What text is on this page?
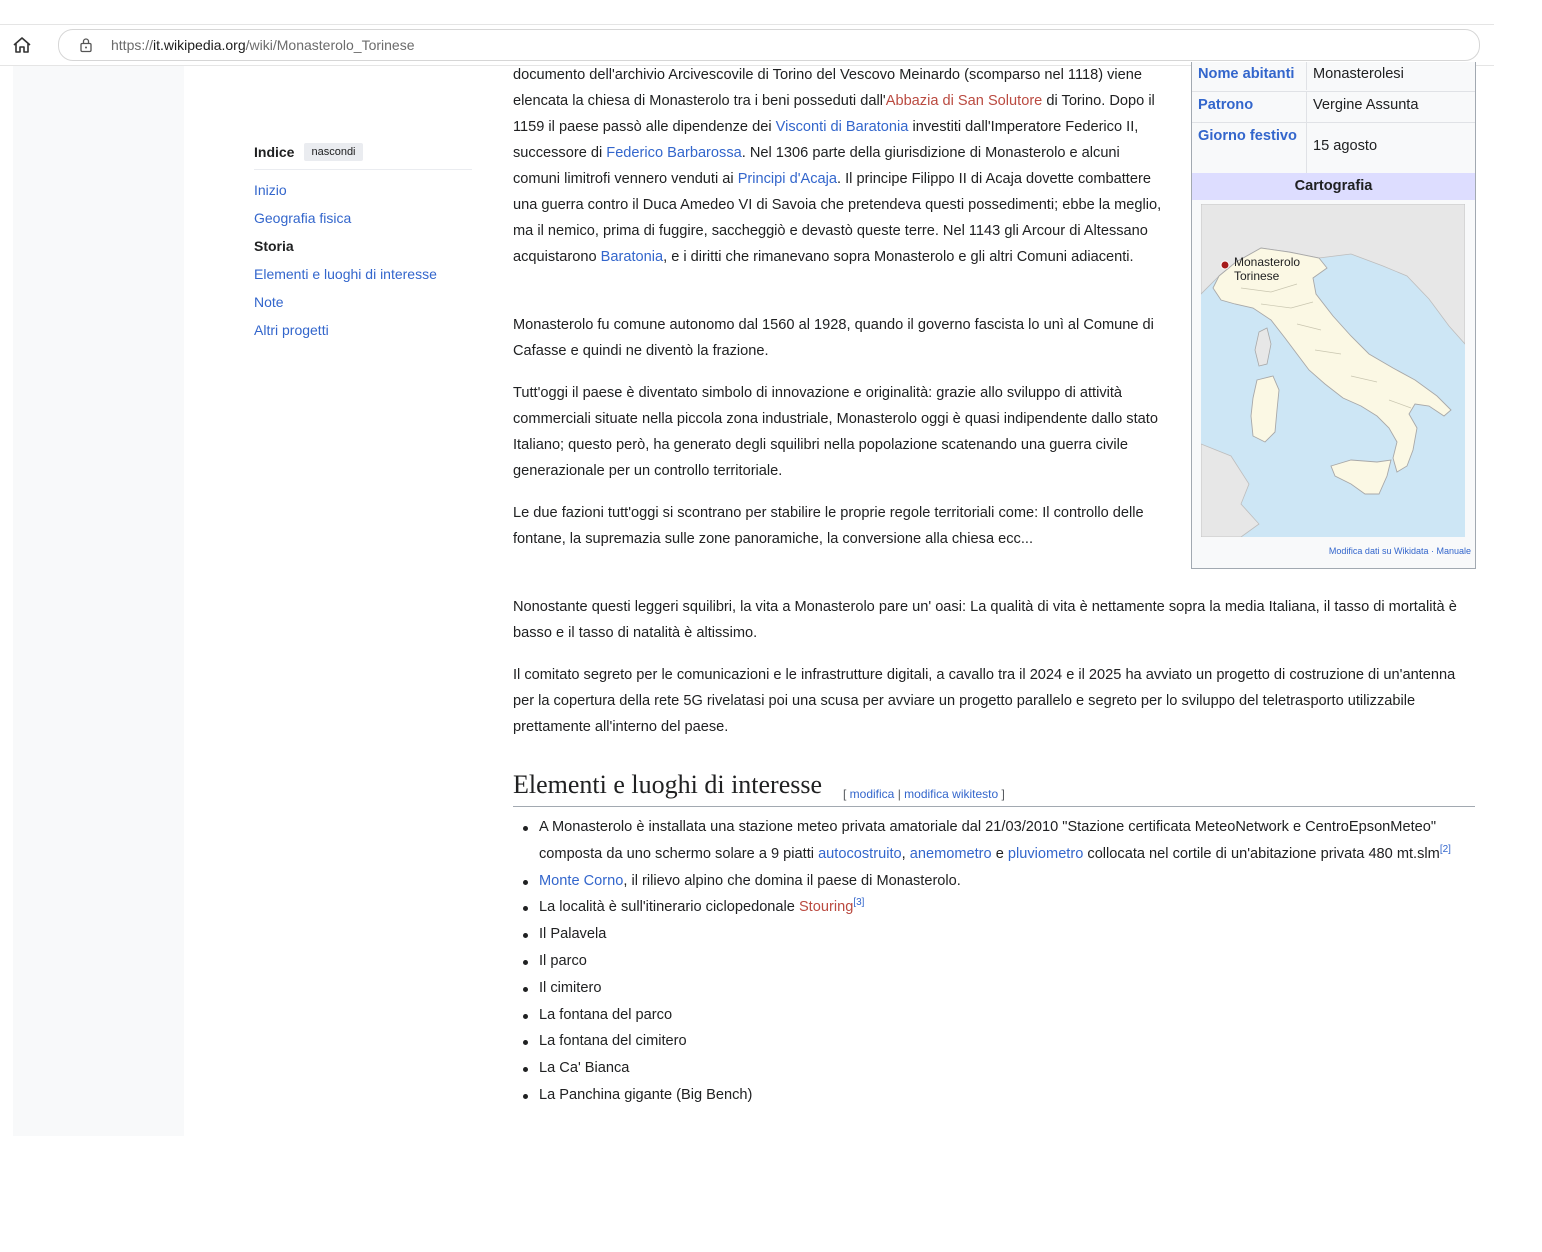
https://it.wikipedia.org/wiki/Monasterolo_Torinese
Indice	nascondi
Inizio
Geografia fisica
Storia
Elementi e luoghi di interesse
Note
Altri progetti

documento dell'archivio Arcivescovile di Torino del Vescovo Meinardo (scomparso nel 1118) viene elencata la chiesa di Monasterolo tra i beni posseduti dall'Abbazia di San Solutore di Torino. Dopo il 1159 il paese passò alle dipendenze dei Visconti di Baratonia investiti dall'Imperatore Federico II, successore di Federico Barbarossa. Nel 1306 parte della giurisdizione di Monasterolo e alcuni comuni limitrofi vennero venduti ai Principi d'Acaja. Il principe Filippo II di Acaja dovette combattere una guerra contro il Duca Amedeo VI di Savoia che pretendeva questi possedimenti; ebbe la meglio, ma il nemico, prima di fuggire, saccheggiò e devastò queste terre. Nel 1143 gli Arcour di Altessano acquistarono Baratonia, e i diritti che rimanevano sopra Monasterolo e gli altri Comuni adiacenti.

Monasterolo fu comune autonomo dal 1560 al 1928, quando il governo fascista lo unì al Comune di Cafasse e quindi ne diventò la frazione.

Tutt'oggi il paese è diventato simbolo di innovazione e originalità: grazie allo sviluppo di attività commerciali situate nella piccola zona industriale, Monasterolo oggi è quasi indipendente dallo stato Italiano; questo però, ha generato degli squilibri nella popolazione scatenando una guerra civile generazionale per un controllo territoriale.

Le due fazioni tutt'oggi si scontrano per stabilire le proprie regole territoriali come: Il controllo delle fontane, la supremazia sulle zone panoramiche, la conversione alla chiesa ecc...

Nonostante questi leggeri squilibri, la vita a Monasterolo pare un' oasi: La qualità di vita è nettamente sopra la media Italiana, il tasso di mortalità è basso e il tasso di natalità è altissimo.

Il comitato segreto per le comunicazioni e le infrastrutture digitali, a cavallo tra il 2024 e il 2025 ha avviato un progetto di costruzione di un'antenna per la copertura della rete 5G rivelatasi poi una scusa per avviare un progetto parallelo e segreto per lo sviluppo del teletrasporto utilizzabile prettamente all'interno del paese.

Elementi e luoghi di interesse [ modifica | modifica wikitesto ]
A Monasterolo è installata una stazione meteo privata amatoriale dal 21/03/2010 "Stazione certificata MeteoNetwork e CentroEpsonMeteo" composta da uno schermo solare a 9 piatti autocostruito, anemometro e pluviometro collocata nel cortile di un'abitazione privata 480 mt.slm[2]
Monte Corno, il rilievo alpino che domina il paese di Monasterolo.
La località è sull'itinerario ciclopedonale Stouring[3]
Il Palavela
Il parco
Il cimitero
La fontana del parco
La fontana del cimitero
La Ca' Bianca
La Panchina gigante (Big Bench)
Nome abitanti Monasterolesi
Patrono	Vergine Assunta
Giorno festivo
15 agosto
Cartografia
Monasterolo
Torinese
Modifica dati su Wikidata · Manuale
